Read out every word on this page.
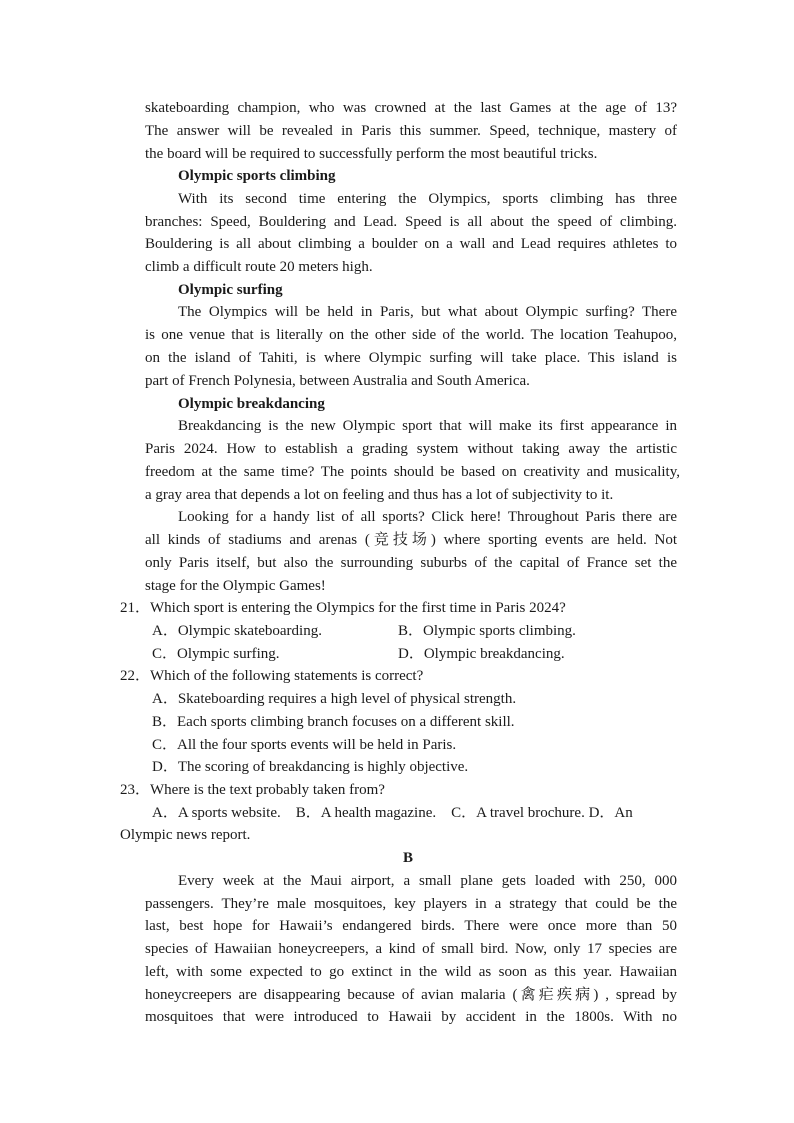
skateboarding champion, who was crowned at the last Games at the age of 13?
The answer will be revealed in Paris this summer. Speed, technique, mastery of
the board will be required to successfully perform the most beautiful tricks.
Olympic sports climbing
With its second time entering the Olympics, sports climbing has three
branches: Speed, Bouldering and Lead. Speed is all about the speed of climbing.
Bouldering is all about climbing a boulder on a wall and Lead requires athletes to
climb a difficult route 20 meters high.
Olympic surfing
The Olympics will be held in Paris, but what about Olympic surfing? There
is one venue that is literally on the other side of the world. The location Teahupoo,
on the island of Tahiti, is where Olympic surfing will take place. This island is
part of French Polynesia, between Australia and South America.
Olympic breakdancing
Breakdancing is the new Olympic sport that will make its first appearance in
Paris 2024. How to establish a grading system without taking away the artistic
freedom at the same time? The points should be based on creativity and musicality,
a gray area that depends a lot on feeling and thus has a lot of subjectivity to it.
Looking for a handy list of all sports? Click here! Throughout Paris there are
all kinds of stadiums and arenas (竞技场) where sporting events are held. Not
only Paris itself, but also the surrounding suburbs of the capital of France set the
stage for the Olympic Games!
21．Which sport is entering the Olympics for the first time in Paris 2024?
A．Olympic skateboarding.	B．Olympic sports climbing.
C．Olympic surfing.	D．Olympic breakdancing.
22．Which of the following statements is correct?
A．Skateboarding requires a high level of physical strength.
B．Each sports climbing branch focuses on a different skill.
C．All the four sports events will be held in Paris.
D．The scoring of breakdancing is highly objective.
23．Where is the text probably taken from?
A．A sports website.    B．A health magazine.    C．A travel brochure. D．An
Olympic news report.
B
Every week at the Maui airport, a small plane gets loaded with 250, 000
passengers. They’re male mosquitoes, key players in a strategy that could be the
last, best hope for Hawaii’s endangered birds. There were once more than 50
species of Hawaiian honeycreepers, a kind of small bird. Now, only 17 species are
left, with some expected to go extinct in the wild as soon as this year. Hawaiian
honeycreepers are disappearing because of avian malaria (禽疟疾病) , spread by
mosquitoes that were introduced to Hawaii by accident in the 1800s. With no
